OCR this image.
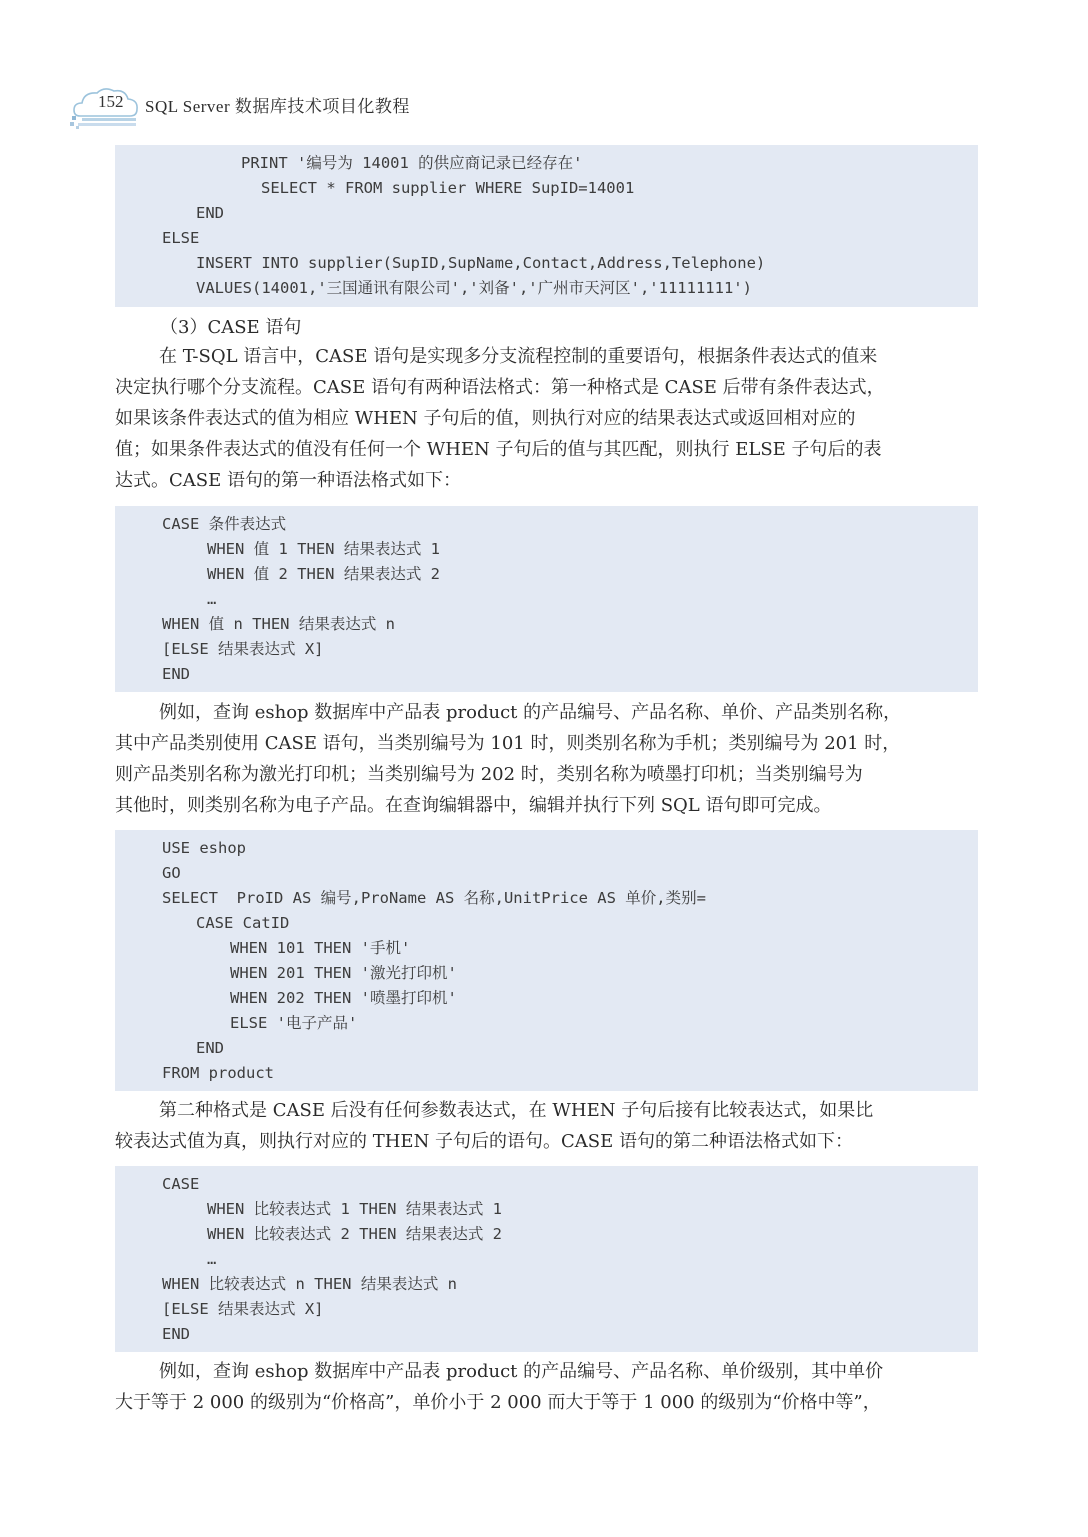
152 SQL Server 数据库技术项目化教程
PRINT '编号为 14001 的供应商记录已经存在'
SELECT * FROM supplier WHERE SupID=14001
END
ELSE
INSERT INTO supplier(SupID,SupName,Contact,Address,Telephone)
VALUES(14001,'三国通讯有限公司','刘备','广州市天河区','11111111')
（3）CASE 语句
在 T-SQL 语言中，CASE 语句是实现多分支流程控制的重要语句，根据条件表达式的值来
决定执行哪个分支流程。CASE 语句有两种语法格式：第一种格式是 CASE 后带有条件表达式，
如果该条件表达式的值为相应 WHEN 子句后的值，则执行对应的结果表达式或返回相对应的
值；如果条件表达式的值没有任何一个 WHEN 子句后的值与其匹配，则执行 ELSE 子句后的表
达式。CASE 语句的第一种语法格式如下：
CASE 条件表达式
WHEN 值 1 THEN 结果表达式 1
WHEN 值 2 THEN 结果表达式 2
…
WHEN 值 n THEN 结果表达式 n
[ELSE 结果表达式 X]
END
例如，查询 eshop 数据库中产品表 product 的产品编号、产品名称、单价、产品类别名称，
其中产品类别使用 CASE 语句，当类别编号为 101 时，则类别名称为手机；类别编号为 201 时，
则产品类别名称为激光打印机；当类别编号为 202 时，类别名称为喷墨打印机；当类别编号为
其他时，则类别名称为电子产品。在查询编辑器中，编辑并执行下列 SQL 语句即可完成。
USE eshop
GO
SELECT  ProID AS 编号,ProName AS 名称,UnitPrice AS 单价,类别=
CASE CatID
WHEN 101 THEN '手机'
WHEN 201 THEN '激光打印机'
WHEN 202 THEN '喷墨打印机'
ELSE '电子产品'
END
FROM product
第二种格式是 CASE 后没有任何参数表达式，在 WHEN 子句后接有比较表达式，如果比
较表达式值为真，则执行对应的 THEN 子句后的语句。CASE 语句的第二种语法格式如下：
CASE
WHEN 比较表达式 1 THEN 结果表达式 1
WHEN 比较表达式 2 THEN 结果表达式 2
…
WHEN 比较表达式 n THEN 结果表达式 n
[ELSE 结果表达式 X]
END
例如，查询 eshop 数据库中产品表 product 的产品编号、产品名称、单价级别，其中单价
大于等于 2 000 的级别为“价格高”，单价小于 2 000 而大于等于 1 000 的级别为“价格中等”，
